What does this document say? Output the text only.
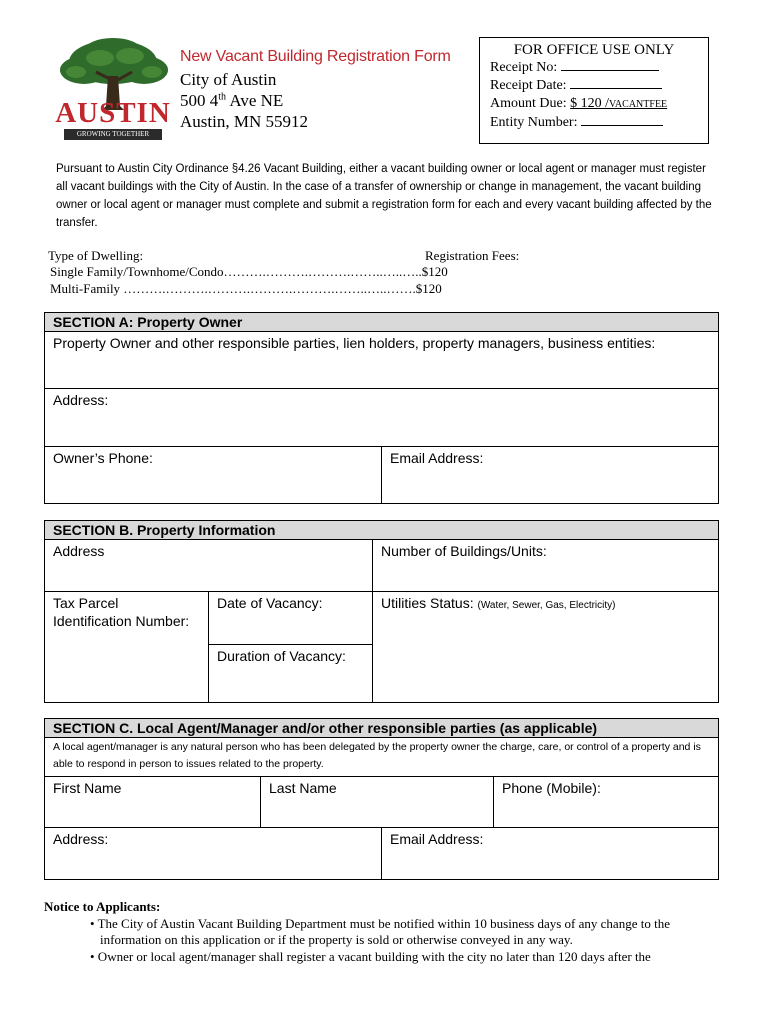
AUSTIN
GROWING TOGETHER
New Vacant Building Registration Form
City of Austin
500 4th Ave NE
Austin, MN 55912
FOR OFFICE USE ONLY
Receipt No:
Receipt Date:
Amount Due: $ 120 /VACANTFEE
Entity Number:
Pursuant to Austin City Ordinance §4.26 Vacant Building, either a vacant building owner or local agent or manager must register all vacant buildings with the City of Austin. In the case of a transfer of ownership or change in management, the vacant building owner or local agent or manager must complete and submit a registration form for each and every vacant building affected by the transfer.
Type of Dwelling:	Registration Fees:
Single Family/Townhome/Condo……….……….……….……..…..…..$120
Multi-Family ……….……….……….……….……….……..…..…….$120
SECTION A: Property Owner
Property Owner and other responsible parties, lien holders, property managers, business entities:
Address:
Owner’s Phone:	Email Address:
SECTION B. Property Information
Address	Number of Buildings/Units:
Tax Parcel Identification Number:
Date of Vacancy:
Duration of Vacancy:
Utilities Status: (Water, Sewer, Gas, Electricity)
SECTION C. Local Agent/Manager and/or other responsible parties (as applicable)
A local agent/manager is any natural person who has been delegated by the property owner the charge, care, or control of a property and is able to respond in person to issues related to the property.
First Name	Last Name	Phone (Mobile):
Address:	Email Address:
Notice to Applicants:
• The City of Austin Vacant Building Department must be notified within 10 business days of any change to the
information on this application or if the property is sold or otherwise conveyed in any way.
• Owner or local agent/manager shall register a vacant building with the city no later than 120 days after the
